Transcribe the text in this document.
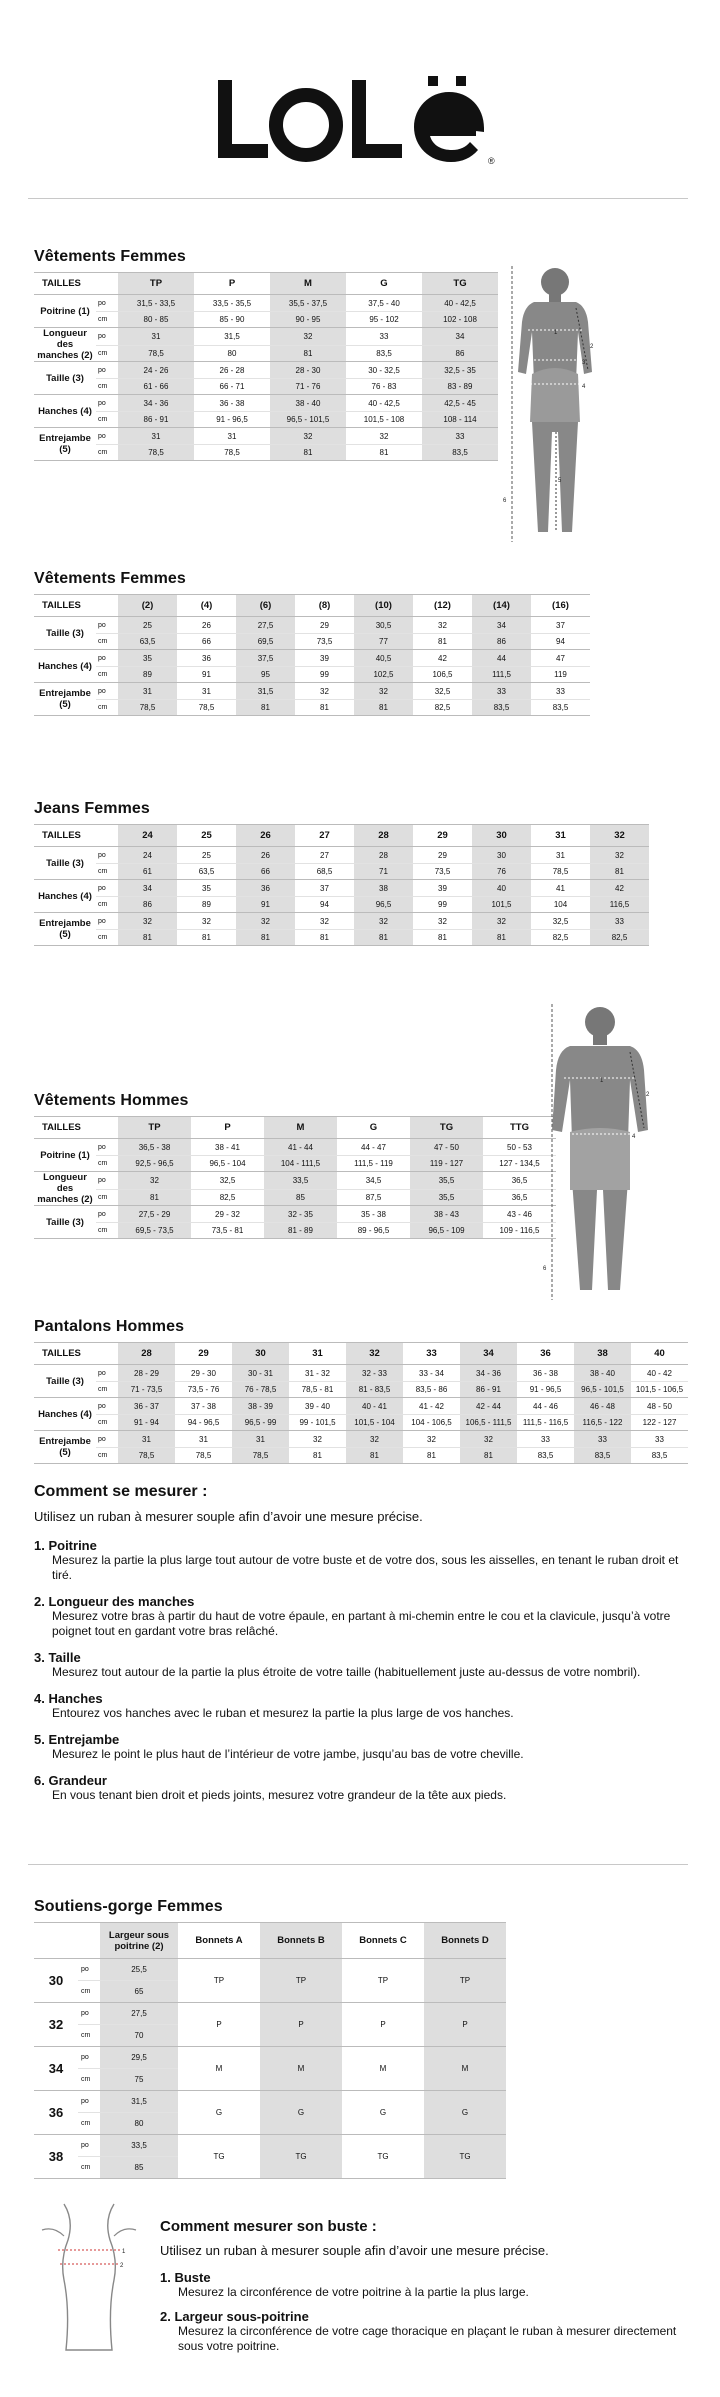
®
Vêtements Femmes
TAILLES		TP	P	M	G	TG
Poitrine (1)	po	31,5 - 33,5	33,5 - 35,5	35,5 - 37,5	37,5 - 40	40 - 42,5
	cm	80 - 85	85 - 90	90 - 95	95 - 102	102 - 108
Longueur des manches (2)	po	31	31,5	32	33	34
	cm	78,5	80	81	83,5	86
Taille (3)	po	24 - 26	26 - 28	28 - 30	30 - 32,5	32,5 - 35
	cm	61 - 66	66 - 71	71 - 76	76 - 83	83 - 89
Hanches (4)	po	34 - 36	36 - 38	38 - 40	40 - 42,5	42,5 - 45
	cm	86 - 91	91 - 96,5	96,5 - 101,5	101,5 - 108	108 - 114
Entrejambe (5)	po	31	31	32	32	33
	cm	78,5	78,5	81	81	83,5
Vêtements Femmes
TAILLES		(2)	(4)	(6)	(8)	(10)	(12)	(14)	(16)
Taille (3)	po	25	26	27,5	29	30,5	32	34	37
	cm	63,5	66	69,5	73,5	77	81	86	94
Hanches (4)	po	35	36	37,5	39	40,5	42	44	47
	cm	89	91	95	99	102,5	106,5	111,5	119
Entrejambe (5)	po	31	31	31,5	32	32	32,5	33	33
	cm	78,5	78,5	81	81	81	82,5	83,5	83,5
Jeans Femmes
TAILLES		24	25	26	27	28	29	30	31	32
Taille (3)	po	24	25	26	27	28	29	30	31	32
	cm	61	63,5	66	68,5	71	73,5	76	78,5	81
Hanches (4)	po	34	35	36	37	38	39	40	41	42
	cm	86	89	91	94	96,5	99	101,5	104	116,5
Entrejambe (5)	po	32	32	32	32	32	32	32	32,5	33
	cm	81	81	81	81	81	81	81	82,5	82,5
Vêtements Hommes
TAILLES		TP	P	M	G	TG	TTG
Poitrine (1)	po	36,5 - 38	38 - 41	41 - 44	44 - 47	47 - 50	50 - 53
	cm	92,5 - 96,5	96,5 - 104	104 - 111,5	111,5 - 119	119 - 127	127 - 134,5
Longueur des manches (2)	po	32	32,5	33,5	34,5	35,5	36,5
	cm	81	82,5	85	87,5	35,5	36,5
Taille (3)	po	27,5 - 29	29 - 32	32 - 35	35 - 38	38 - 43	43 - 46
	cm	69,5 - 73,5	73,5 - 81	81 - 89	89 - 96,5	96,5 - 109	109 - 116,5
Pantalons Hommes
TAILLES		28	29	30	31	32	33	34	36	38	40
Taille (3)	po	28 - 29	29 - 30	30 - 31	31 - 32	32 - 33	33 - 34	34 - 36	36 - 38	38 - 40	40 - 42
	cm	71 - 73,5	73,5 - 76	76 - 78,5	78,5 - 81	81 - 83,5	83,5 - 86	86 - 91	91 - 96,5	96,5 - 101,5	101,5 - 106,5
Hanches (4)	po	36 - 37	37 - 38	38 - 39	39 - 40	40 - 41	41 - 42	42 - 44	44 - 46	46 - 48	48 - 50
	cm	91 - 94	94 - 96,5	96,5 - 99	99 - 101,5	101,5 - 104	104 - 106,5	106,5 - 111,5	111,5 - 116,5	116,5 - 122	122 - 127
Entrejambe (5)	po	31	31	31	32	32	32	32	33	33	33
	cm	78,5	78,5	78,5	81	81	81	81	83,5	83,5	83,5
1
2
3
4
5
6
1
2
4
6
Comment se mesurer :

Utilisez un ruban à mesurer souple afin d’avoir une mesure précise.

1. Poitrine
Mesurez la partie la plus large tout autour de votre buste et de votre dos, sous les aisselles, en tenant le ruban droit et tiré.
2. Longueur des manches
Mesurez votre bras à partir du haut de votre épaule, en partant à mi-chemin entre le cou et la clavicule, jusqu’à votre poignet tout en gardant votre bras relâché.
3. Taille
Mesurez tout autour de la partie la plus étroite de votre taille (habituellement juste au-dessus de votre nombril).
4. Hanches
Entourez vos hanches avec le ruban et mesurez la partie la plus large de vos hanches.
5. Entrejambe
Mesurez le point le plus haut de l’intérieur de votre jambe, jusqu’au bas de votre cheville.
6. Grandeur
En vous tenant bien droit et pieds joints, mesurez votre grandeur de la tête aux pieds.
Soutiens-gorge Femmes
		Largeur sous poitrine (2)	Bonnets A	Bonnets B	Bonnets C	Bonnets D
30	po	25,5	TP	TP	TP	TP
	cm	65				
32	po	27,5	P	P	P	P
	cm	70				
34	po	29,5	M	M	M	M
	cm	75				
36	po	31,5	G	G	G	G
	cm	80				
38	po	33,5	TG	TG	TG	TG
	cm	85				
1
2
Comment mesurer son buste :

Utilisez un ruban à mesurer souple afin d’avoir une mesure précise.

1. Buste
Mesurez la circonférence de votre poitrine à la partie la plus large.
2. Largeur sous-poitrine
Mesurez la circonférence de votre cage thoracique en plaçant le ruban à mesurer directement sous votre poitrine.
